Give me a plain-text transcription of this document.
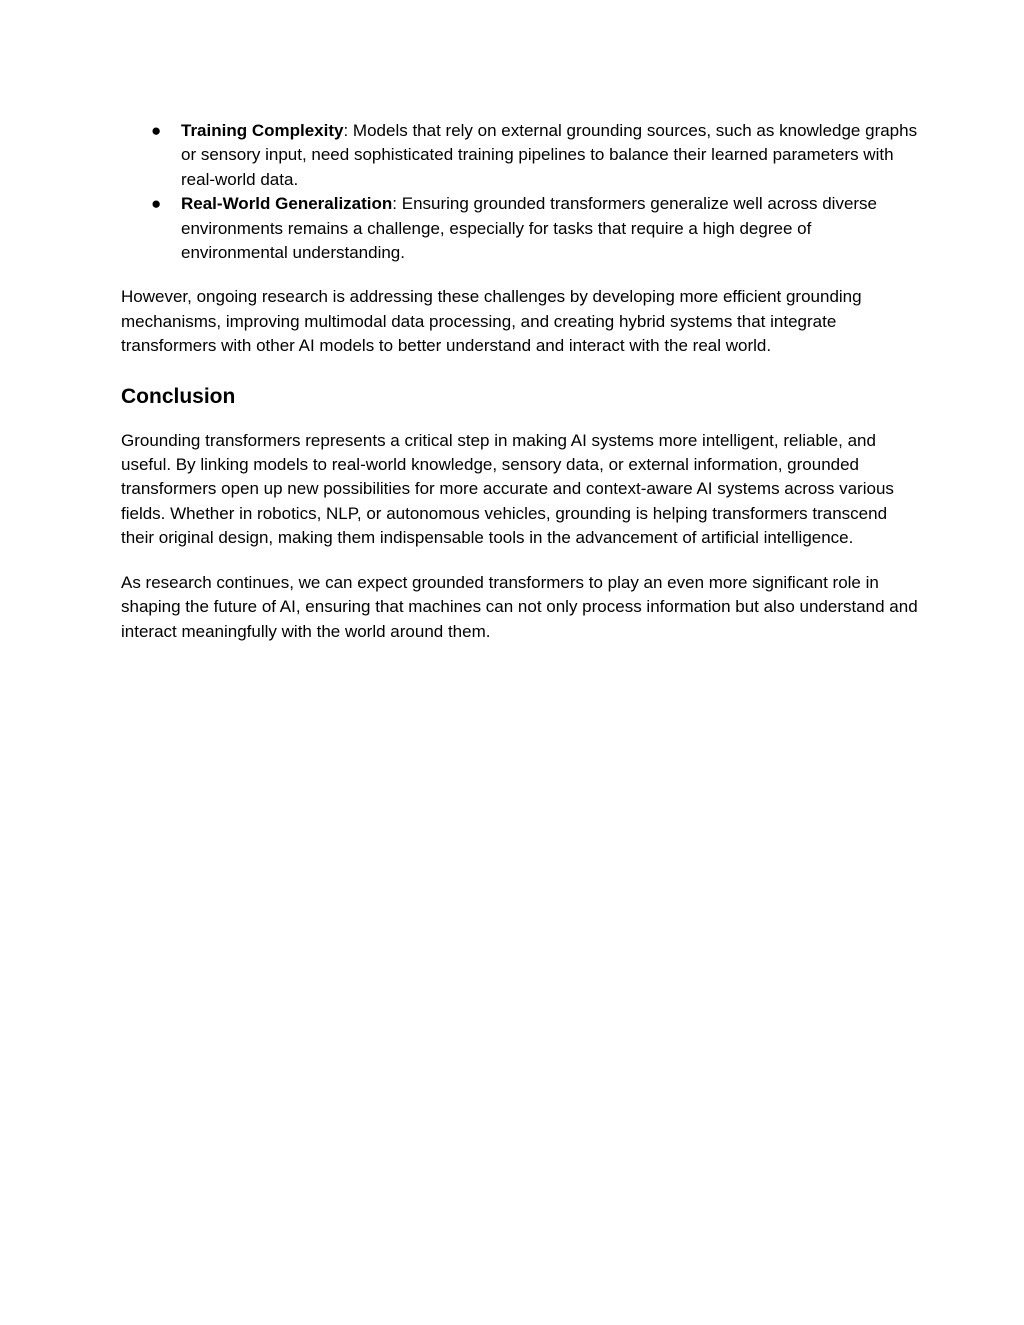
● Training Complexity: Models that rely on external grounding sources, such as knowledge graphs or sensory input, need sophisticated training pipelines to balance their learned parameters with real-world data.
● Real-World Generalization: Ensuring grounded transformers generalize well across diverse environments remains a challenge, especially for tasks that require a high degree of environmental understanding.

However, ongoing research is addressing these challenges by developing more efficient grounding mechanisms, improving multimodal data processing, and creating hybrid systems that integrate transformers with other AI models to better understand and interact with the real world.

Conclusion

Grounding transformers represents a critical step in making AI systems more intelligent, reliable, and useful. By linking models to real-world knowledge, sensory data, or external information, grounded transformers open up new possibilities for more accurate and context-aware AI systems across various fields. Whether in robotics, NLP, or autonomous vehicles, grounding is helping transformers transcend their original design, making them indispensable tools in the advancement of artificial intelligence.

As research continues, we can expect grounded transformers to play an even more significant role in shaping the future of AI, ensuring that machines can not only process information but also understand and interact meaningfully with the world around them.
